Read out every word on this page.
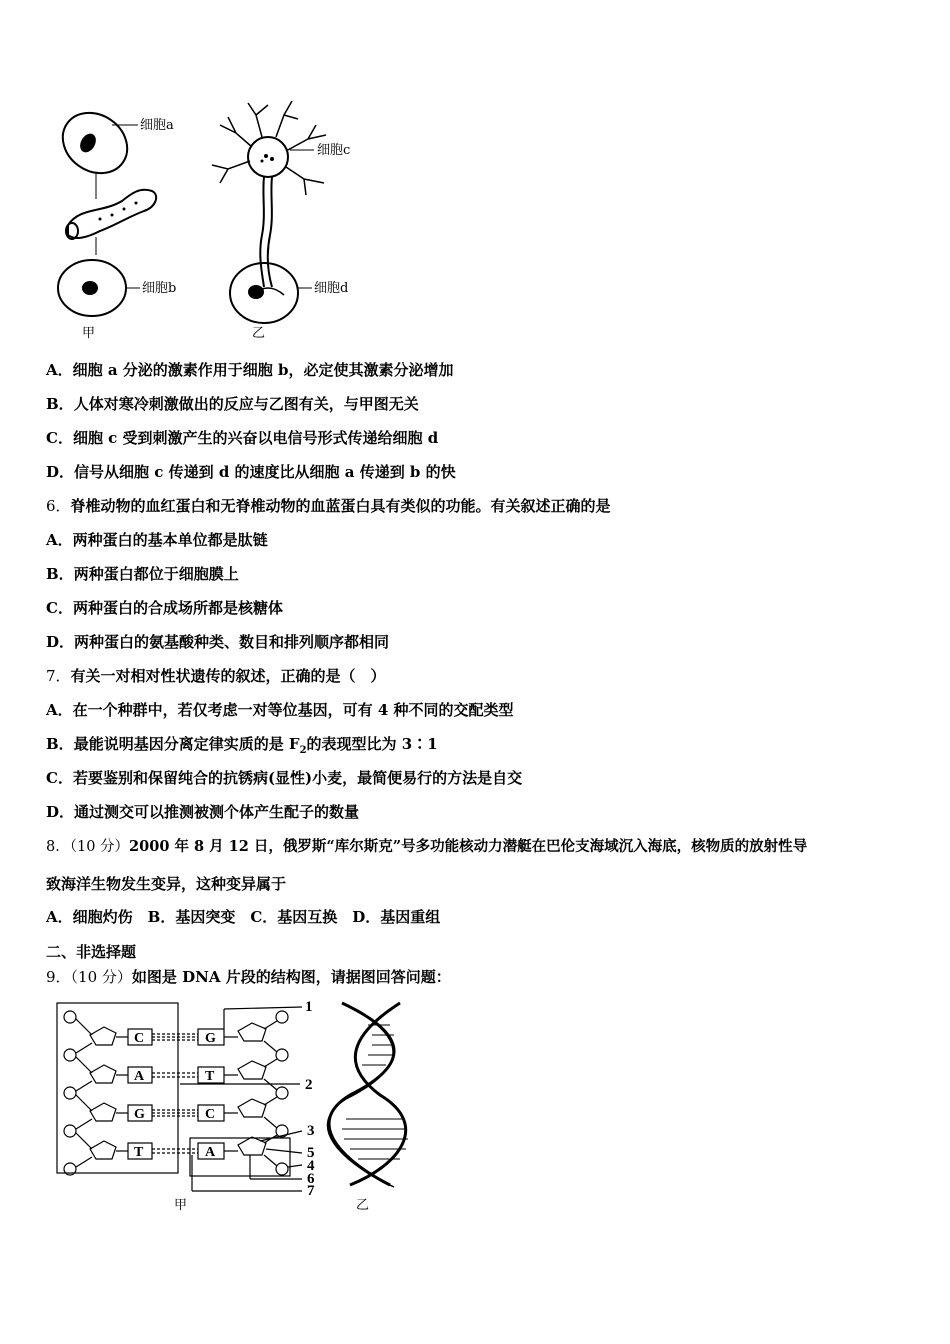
细胞a
细胞b
细胞c
细胞d
甲	乙
A．细胞 a 分泌的激素作用于细胞 b，必定使其激素分泌增加
B．人体对寒冷刺激做出的反应与乙图有关，与甲图无关
C．细胞 c 受到刺激产生的兴奋以电信号形式传递给细胞 d
D．信号从细胞 c 传递到 d 的速度比从细胞 a 传递到 b 的快
6．脊椎动物的血红蛋白和无脊椎动物的血蓝蛋白具有类似的功能。有关叙述正确的是
A．两种蛋白的基本单位都是肽链
B．两种蛋白都位于细胞膜上
C．两种蛋白的合成场所都是核糖体
D．两种蛋白的氨基酸种类、数目和排列顺序都相同
7．有关一对相对性状遗传的叙述，正确的是（　）
A．在一个种群中，若仅考虑一对等位基因，可有 4 种不同的交配类型
B．最能说明基因分离定律实质的是 $F_2$的表现型比为 3∶1
C．若要鉴别和保留纯合的抗锈病(显性)小麦，最简便易行的方法是自交
D．通过测交可以推测被测个体产生配子的数量
8．（10 分）2000 年 8 月 12 日，俄罗斯“库尔斯克”号多功能核动力潜艇在巴伦支海域沉入海底，核物质的放射性导
致海洋生物发生变异，这种变异属于
A．细胞灼伤　B．基因突变　C．基因互换　D．基因重组
二、非选择题
9．（10 分）如图是 DNA 片段的结构图，请据图回答问题：
C
A
G
T
G
T
C
A
1
2
3
5
4
6
7
甲	乙
